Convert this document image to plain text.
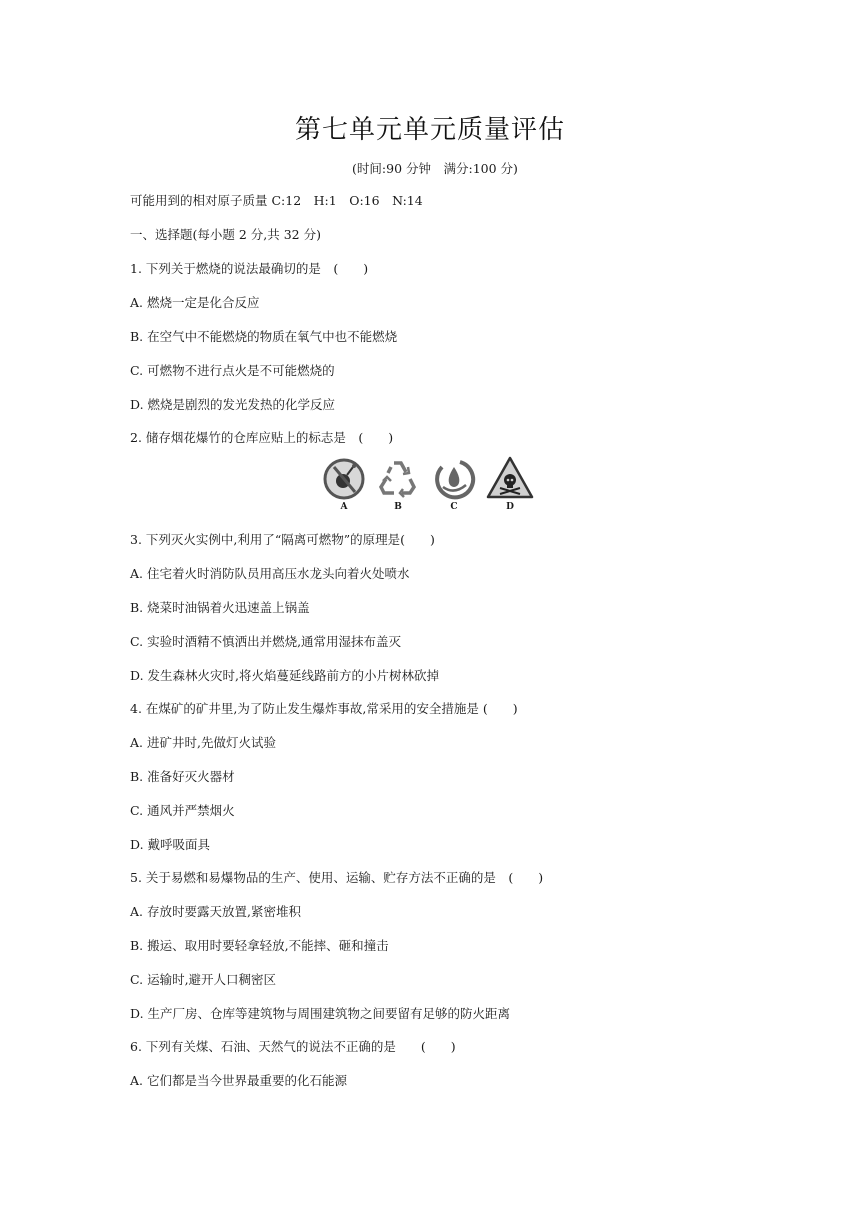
第七单元单元质量评估
(时间:90 分钟　满分:100 分)
可能用到的相对原子质量 C:12　H:1　O:16　N:14
一、选择题(每小题 2 分,共 32 分)
1. 下列关于燃烧的说法最确切的是　(　　)
A. 燃烧一定是化合反应
B. 在空气中不能燃烧的物质在氧气中也不能燃烧
C. 可燃物不进行点火是不可能燃烧的
D. 燃烧是剧烈的发光发热的化学反应
2. 储存烟花爆竹的仓库应贴上的标志是　(　　)
A	B	C	D
3. 下列灭火实例中,利用了“隔离可燃物”的原理是(　　)
A. 住宅着火时消防队员用高压水龙头向着火处喷水
B. 烧菜时油锅着火迅速盖上锅盖
C. 实验时酒精不慎洒出并燃烧,通常用湿抹布盖灭
D. 发生森林火灾时,将火焰蔓延线路前方的小片树林砍掉
4. 在煤矿的矿井里,为了防止发生爆炸事故,常采用的安全措施是 (　　)
A. 进矿井时,先做灯火试验
B. 准备好灭火器材
C. 通风并严禁烟火
D. 戴呼吸面具
5. 关于易燃和易爆物品的生产、使用、运输、贮存方法不正确的是　(　　)
A. 存放时要露天放置,紧密堆积
B. 搬运、取用时要轻拿轻放,不能摔、砸和撞击
C. 运输时,避开人口稠密区
D. 生产厂房、仓库等建筑物与周围建筑物之间要留有足够的防火距离
6. 下列有关煤、石油、天然气的说法不正确的是　　(　　)
A. 它们都是当今世界最重要的化石能源
